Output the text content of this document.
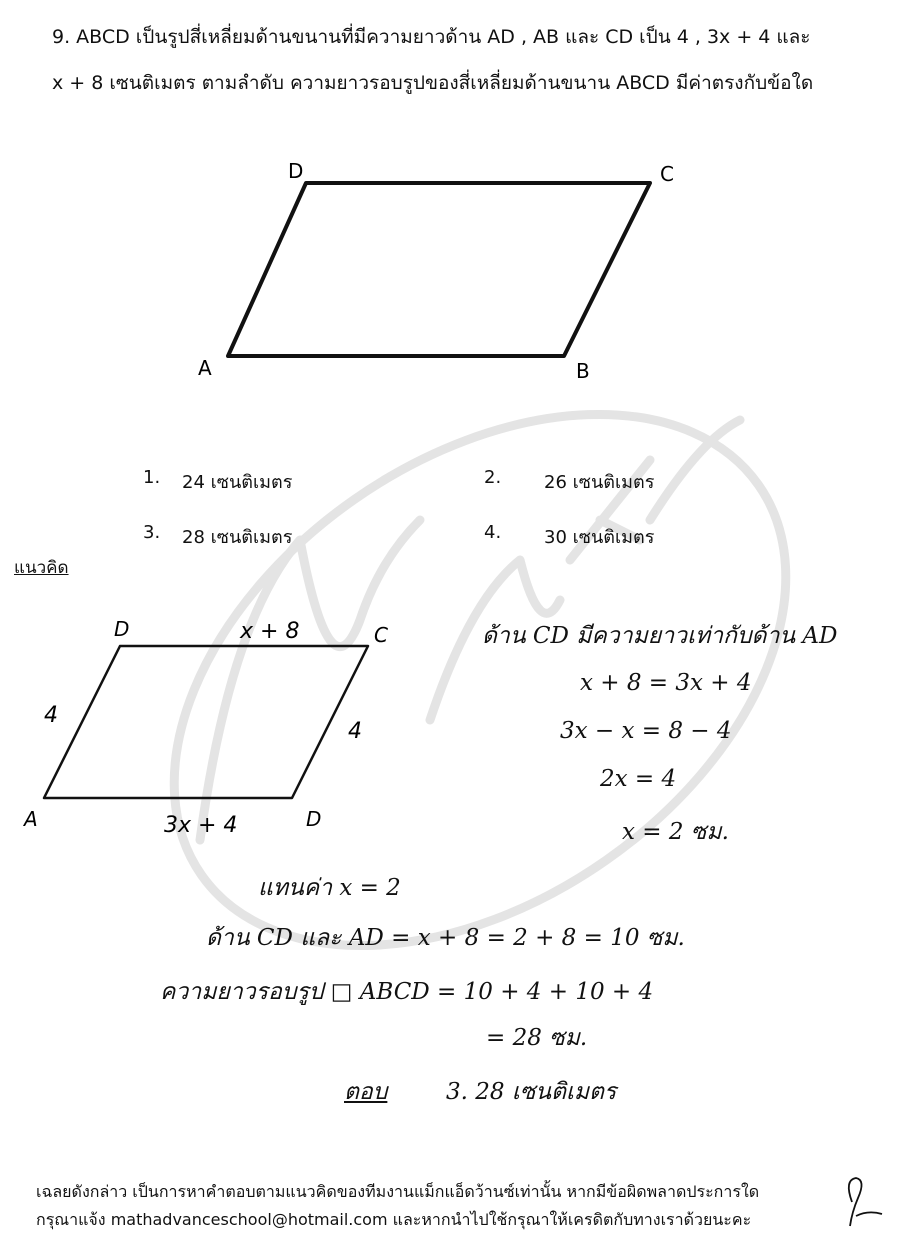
9. ABCD เป็นรูปสี่เหลี่ยมด้านขนานที่มีความยาวด้าน AD , AB และ CD เป็น 4 , 3x + 4 และ
x + 8 เซนติเมตร ตามลำดับ ความยาวรอบรูปของสี่เหลี่ยมด้านขนาน ABCD มีค่าตรงกับข้อใด
D	C
A	B
1. 24 เซนติเมตร	2. 26 เซนติเมตร
3. 28 เซนติเมตร	4. 30 เซนติเมตร
แนวคิด
D	x + 8	C
4
4
A	3x + 4	D
ด้าน CD มีความยาวเท่ากับด้าน AD
x + 8 = 3x + 4
3x − x = 8 − 4
2x = 4
x = 2 ซม.
แทนค่า x = 2
ด้าน CD และ AD = x + 8 = 2 + 8 = 10 ซม.
ความยาวรอบรูป □ ABCD = 10 + 4 + 10 + 4
= 28 ซม.
ตอบ	3. 28 เซนติเมตร
เฉลยดังกล่าว เป็นการหาคำตอบตามแนวคิดของทีมงานแม็กแอ็ดว้านซ์เท่านั้น หากมีข้อผิดพลาดประการใด
กรุณาแจ้ง mathadvanceschool@hotmail.com และหากนำไปใช้กรุณาให้เครดิตกับทางเราด้วยนะคะ
